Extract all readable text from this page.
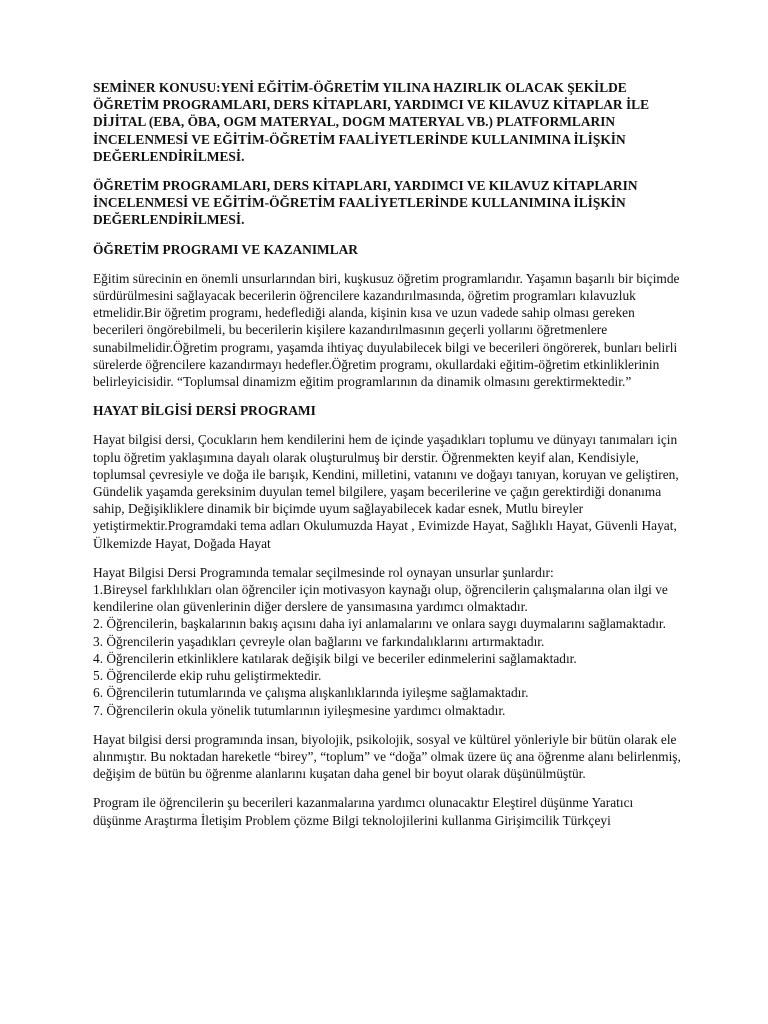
SEMİNER KONUSU:YENİ EĞİTİM-ÖĞRETİM YILINA HAZIRLIK OLACAK ŞEKİLDE ÖĞRETİM PROGRAMLARI, DERS KİTAPLARI, YARDIMCI VE KILAVUZ KİTAPLAR İLE DİJİTAL (EBA, ÖBA, OGM MATERYAL, DOGM MATERYAL VB.) PLATFORMLARIN İNCELENMESİ VE EĞİTİM-ÖĞRETİM FAALİYETLERİNDE KULLANIMINA İLİŞKİN DEĞERLENDİRİLMESİ.

ÖĞRETİM PROGRAMLARI, DERS KİTAPLARI, YARDIMCI VE KILAVUZ KİTAPLARIN İNCELENMESİ VE EĞİTİM-ÖĞRETİM FAALİYETLERİNDE KULLANIMINA İLİŞKİN DEĞERLENDİRİLMESİ.

ÖĞRETİM PROGRAMI VE KAZANIMLAR

Eğitim sürecinin en önemli unsurlarından biri, kuşkusuz öğretim programlarıdır. Yaşamın başarılı bir biçimde sürdürülmesini sağlayacak becerilerin öğrencilere kazandırılmasında, öğretim programları kılavuzluk etmelidir.Bir öğretim programı, hedeflediği alanda, kişinin kısa ve uzun vadede sahip olması gereken becerileri öngörebilmeli, bu becerilerin kişilere kazandırılmasının geçerli yollarını öğretmenlere sunabilmelidir.Öğretim programı, yaşamda ihtiyaç duyulabilecek bilgi ve becerileri öngörerek, bunları belirli sürelerde öğrencilere kazandırmayı hedefler.Öğretim programı, okullardaki eğitim-öğretim etkinliklerinin belirleyicisidir. “Toplumsal dinamizm eğitim programlarının da dinamik olmasını gerektirmektedir.”

HAYAT BİLGİSİ DERSİ PROGRAMI

Hayat bilgisi dersi, Çocukların hem kendilerini hem de içinde yaşadıkları toplumu ve dünyayı tanımaları için toplu öğretim yaklaşımına dayalı olarak oluşturulmuş bir derstir. Öğrenmekten keyif alan, Kendisiyle, toplumsal çevresiyle ve doğa ile barışık, Kendini, milletini, vatanını ve doğayı tanıyan, koruyan ve geliştiren, Gündelik yaşamda gereksinim duyulan temel bilgilere, yaşam becerilerine ve çağın gerektirdiği donanıma sahip, Değişikliklere dinamik bir biçimde uyum sağlayabilecek kadar esnek, Mutlu bireyler yetiştirmektir.Programdaki tema adları Okulumuzda Hayat , Evimizde Hayat, Sağlıklı Hayat, Güvenli Hayat, Ülkemizde Hayat, Doğada Hayat

Hayat Bilgisi Dersi Programında temalar seçilmesinde rol oynayan unsurlar şunlardır:
1.Bireysel farklılıkları olan öğrenciler için motivasyon kaynağı olup, öğrencilerin çalışmalarına olan ilgi ve kendilerine olan güvenlerinin diğer derslere de yansımasına yardımcı olmaktadır.
2. Öğrencilerin, başkalarının bakış açısını daha iyi anlamalarını ve onlara saygı duymalarını sağlamaktadır.
3. Öğrencilerin yaşadıkları çevreyle olan bağlarını ve farkındalıklarını artırmaktadır.
4. Öğrencilerin etkinliklere katılarak değişik bilgi ve beceriler edinmelerini sağlamaktadır.
5. Öğrencilerde ekip ruhu geliştirmektedir.
6. Öğrencilerin tutumlarında ve çalışma alışkanlıklarında iyileşme sağlamaktadır.
7. Öğrencilerin okula yönelik tutumlarının iyileşmesine yardımcı olmaktadır.

Hayat bilgisi dersi programında insan, biyolojik, psikolojik, sosyal ve kültürel yönleriyle bir bütün olarak ele alınmıştır. Bu noktadan hareketle “birey”, “toplum” ve “doğa” olmak üzere üç ana öğrenme alanı belirlenmiş, değişim de bütün bu öğrenme alanlarını kuşatan daha genel bir boyut olarak düşünülmüştür.

Program ile öğrencilerin şu becerileri kazanmalarına yardımcı olunacaktır Eleştirel düşünme Yaratıcı düşünme Araştırma İletişim Problem çözme Bilgi teknolojilerini kullanma Girişimcilik Türkçeyi
